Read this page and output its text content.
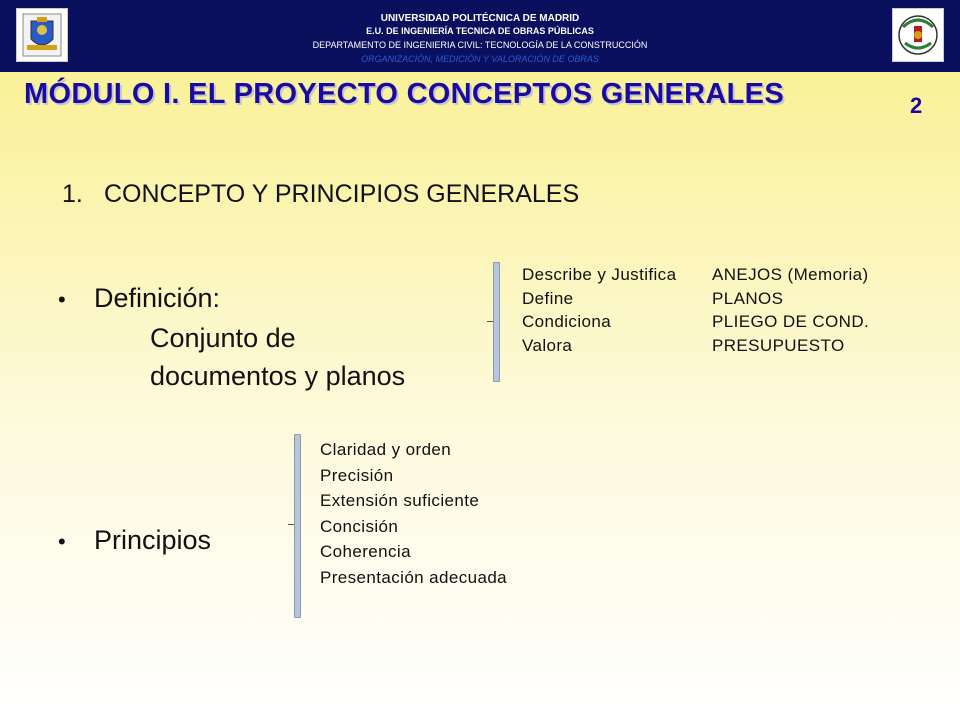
UNIVERSIDAD POLITÉCNICA DE MADRID
E.U. DE INGENIERÍA TECNICA DE OBRAS PÚBLICAS
DEPARTAMENTO DE INGENIERIA CIVIL: TECNOLOGÍA DE LA CONSTRUCCIÓN
ORGANIZACIÓN, MEDICIÓN Y VALORACIÓN DE OBRAS
MÓDULO I. EL PROYECTO CONCEPTOS GENERALES	2
1. CONCEPTO Y PRINCIPIOS GENERALES
• Definición:
Conjunto de
documentos y planos
Describe y Justifica ANEJOS (Memoria)
Define	PLANOS
Condiciona	PLIEGO DE COND.
Valora	PRESUPUESTO
• Principios
Claridad y orden
Precisión
Extensión suficiente
Concisión
Coherencia
Presentación adecuada
